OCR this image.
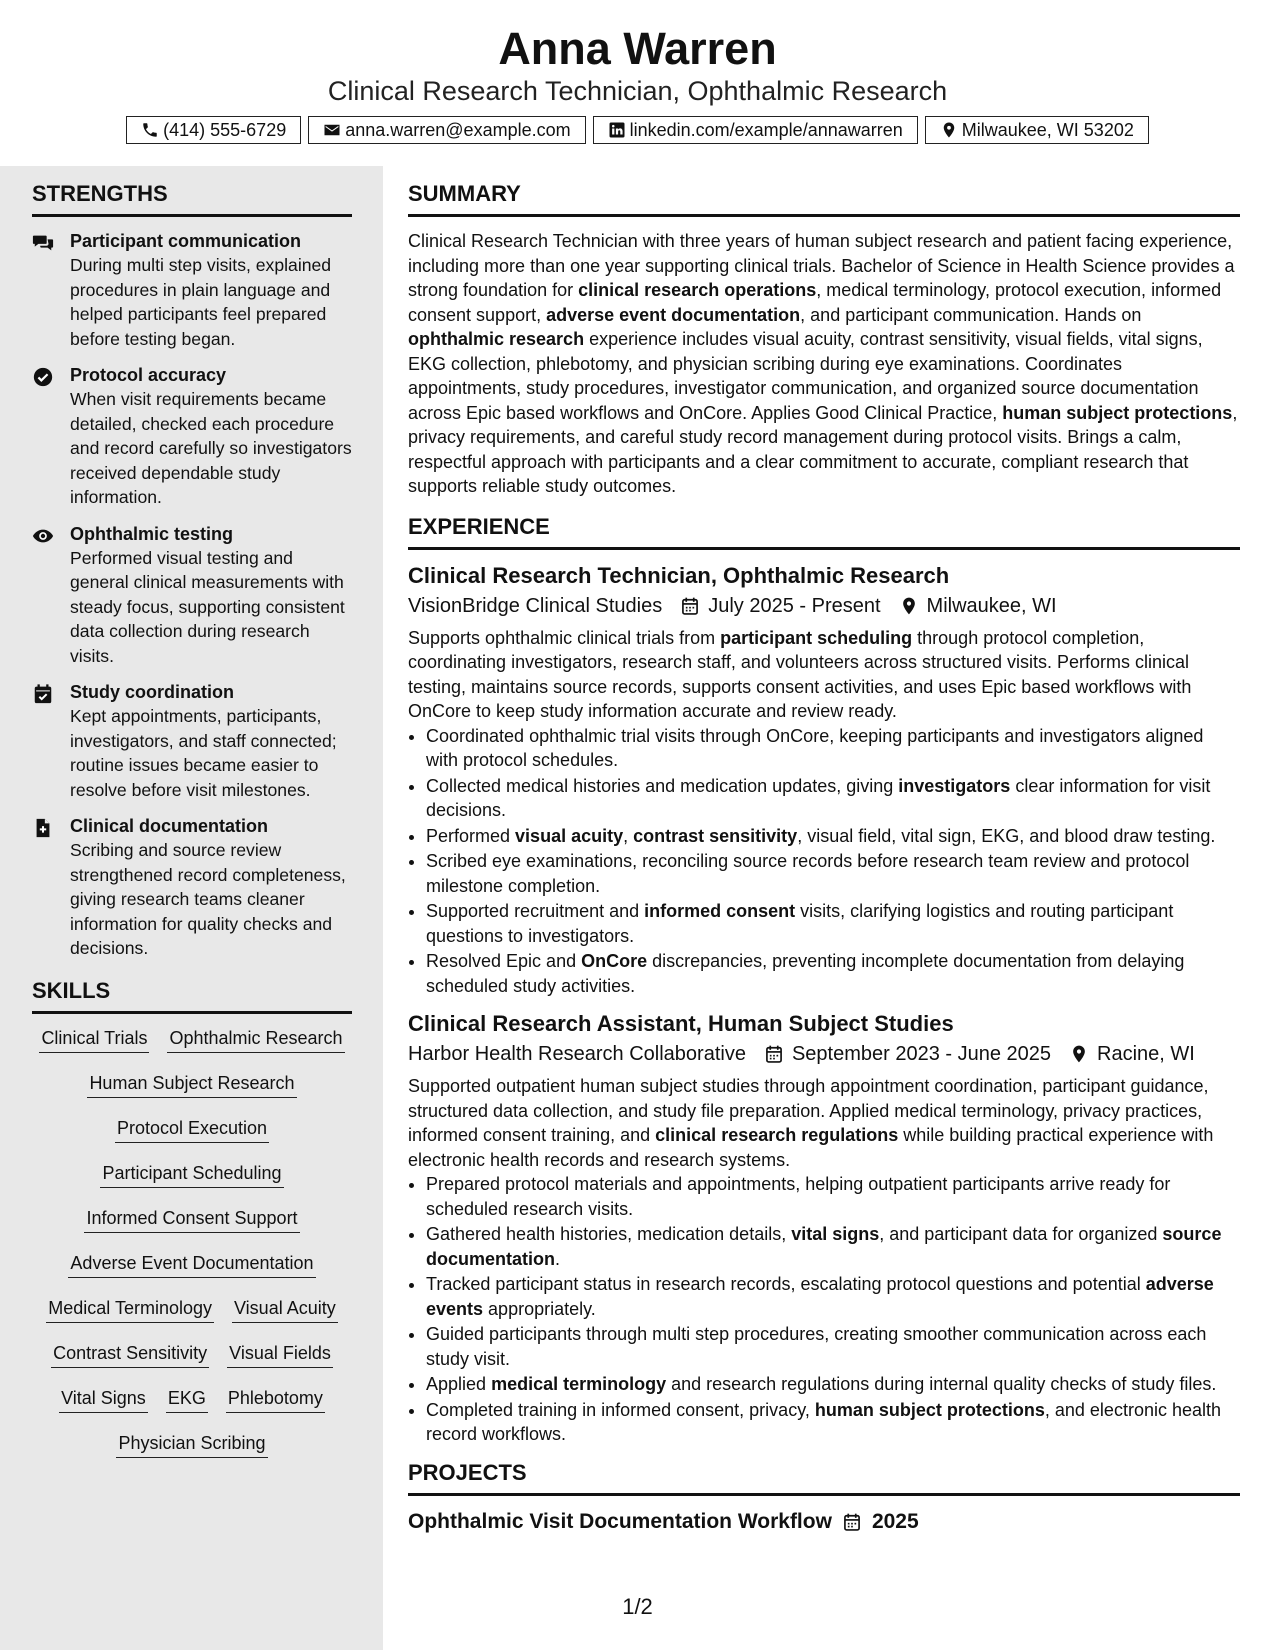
Anna Warren
Clinical Research Technician, Ophthalmic Research
(414) 555-6729	anna.warren@example.com	linkedin.com/example/annawarren	Milwaukee, WI 53202
STRENGTHS
Participant communication
During multi step visits, explained procedures in plain language and helped participants feel prepared before testing began.
Protocol accuracy
When visit requirements became detailed, checked each procedure and record carefully so investigators received dependable study information.
Ophthalmic testing
Performed visual testing and general clinical measurements with steady focus, supporting consistent data collection during research visits.
Study coordination
Kept appointments, participants, investigators, and staff connected; routine issues became easier to resolve before visit milestones.
Clinical documentation
Scribing and source review strengthened record completeness, giving research teams cleaner information for quality checks and decisions.
SKILLS
Clinical Trials Ophthalmic Research
Human Subject Research
Protocol Execution
Participant Scheduling
Informed Consent Support
Adverse Event Documentation
Medical Terminology Visual Acuity
Contrast Sensitivity Visual Fields
Vital Signs EKG Phlebotomy
Physician Scribing
SUMMARY
Clinical Research Technician with three years of human subject research and patient facing experience, including more than one year supporting clinical trials. Bachelor of Science in Health Science provides a strong foundation for clinical research operations, medical terminology, protocol execution, informed consent support, adverse event documentation, and participant communication. Hands on ophthalmic research experience includes visual acuity, contrast sensitivity, visual fields, vital signs, EKG collection, phlebotomy, and physician scribing during eye examinations. Coordinates appointments, study procedures, investigator communication, and organized source documentation across Epic based workflows and OnCore. Applies Good Clinical Practice, human subject protections, privacy requirements, and careful study record management during protocol visits. Brings a calm, respectful approach with participants and a clear commitment to accurate, compliant research that supports reliable study outcomes.
EXPERIENCE
Clinical Research Technician, Ophthalmic Research
VisionBridge Clinical Studies July 2025 - Present Milwaukee, WI
Supports ophthalmic clinical trials from participant scheduling through protocol completion, coordinating investigators, research staff, and volunteers across structured visits. Performs clinical testing, maintains source records, supports consent activities, and uses Epic based workflows with OnCore to keep study information accurate and review ready.
• Coordinated ophthalmic trial visits through OnCore, keeping participants and investigators aligned with protocol schedules.
• Collected medical histories and medication updates, giving investigators clear information for visit decisions.
• Performed visual acuity, contrast sensitivity, visual field, vital sign, EKG, and blood draw testing.
• Scribed eye examinations, reconciling source records before research team review and protocol milestone completion.
• Supported recruitment and informed consent visits, clarifying logistics and routing participant questions to investigators.
• Resolved Epic and OnCore discrepancies, preventing incomplete documentation from delaying scheduled study activities.
Clinical Research Assistant, Human Subject Studies
Harbor Health Research Collaborative September 2023 - June 2025 Racine, WI
Supported outpatient human subject studies through appointment coordination, participant guidance, structured data collection, and study file preparation. Applied medical terminology, privacy practices, informed consent training, and clinical research regulations while building practical experience with electronic health records and research systems.
• Prepared protocol materials and appointments, helping outpatient participants arrive ready for scheduled research visits.
• Gathered health histories, medication details, vital signs, and participant data for organized source documentation.
• Tracked participant status in research records, escalating protocol questions and potential adverse events appropriately.
• Guided participants through multi step procedures, creating smoother communication across each study visit.
• Applied medical terminology and research regulations during internal quality checks of study files.
• Completed training in informed consent, privacy, human subject protections, and electronic health record workflows.
PROJECTS
Ophthalmic Visit Documentation Workflow 2025
1/2
